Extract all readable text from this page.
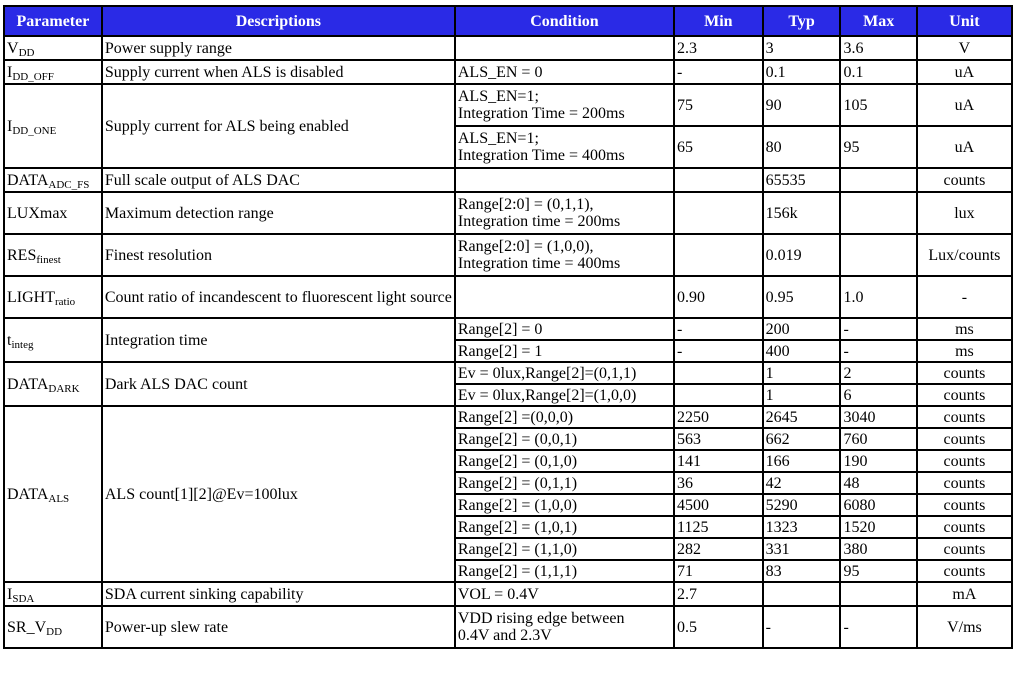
Parameter	Descriptions	Condition	Min	Typ	Max	Unit
$V_{DD}$	Power supply range		2.3	3	3.6	V
$I_{DD\_OFF}$	Supply current when ALS is disabled	ALS_EN = 0	-	0.1	0.1	uA
$I_{DD\_ONE}$	Supply current for ALS being enabled	ALS_EN=1;
Integration Time = 200ms	75	90	105	uA
		ALS_EN=1;
Integration Time = 400ms	65	80	95	uA
$DATA_{ADC\_FS}$	Full scale output of ALS DAC			65535		counts
LUXmax	Maximum detection range	Range[2:0] = (0,1,1),
Integration time = 200ms		156k		lux
$RES_{finest}$	Finest resolution	Range[2:0] = (1,0,0),
Integration time = 400ms		0.019		Lux/counts
$LIGHT_{ratio}$	Count ratio of incandescent to fluorescent light source		0.90	0.95	1.0	-
$t_{integ}$	Integration time	Range[2] = 0	-	200	-	ms
		Range[2] = 1	-	400	-	ms
$DATA_{DARK}$	Dark ALS DAC count	Ev = 0lux,Range[2]=(0,1,1)		1	2	counts
		Ev = 0lux,Range[2]=(1,0,0)		1	6	counts
$DATA_{ALS}$	ALS count[1][2]@Ev=100lux	Range[2] =(0,0,0)	2250	2645	3040	counts
		Range[2] = (0,0,1)	563	662	760	counts
		Range[2] = (0,1,0)	141	166	190	counts
		Range[2] = (0,1,1)	36	42	48	counts
		Range[2] = (1,0,0)	4500	5290	6080	counts
		Range[2] = (1,0,1)	1125	1323	1520	counts
		Range[2] = (1,1,0)	282	331	380	counts
		Range[2] = (1,1,1)	71	83	95	counts
$I_{SDA}$	SDA current sinking capability	VOL = 0.4V	2.7			mA
$SR\_V_{DD}$	Power-up slew rate	VDD rising edge between
0.4V and 2.3V	0.5	-	-	V/ms
